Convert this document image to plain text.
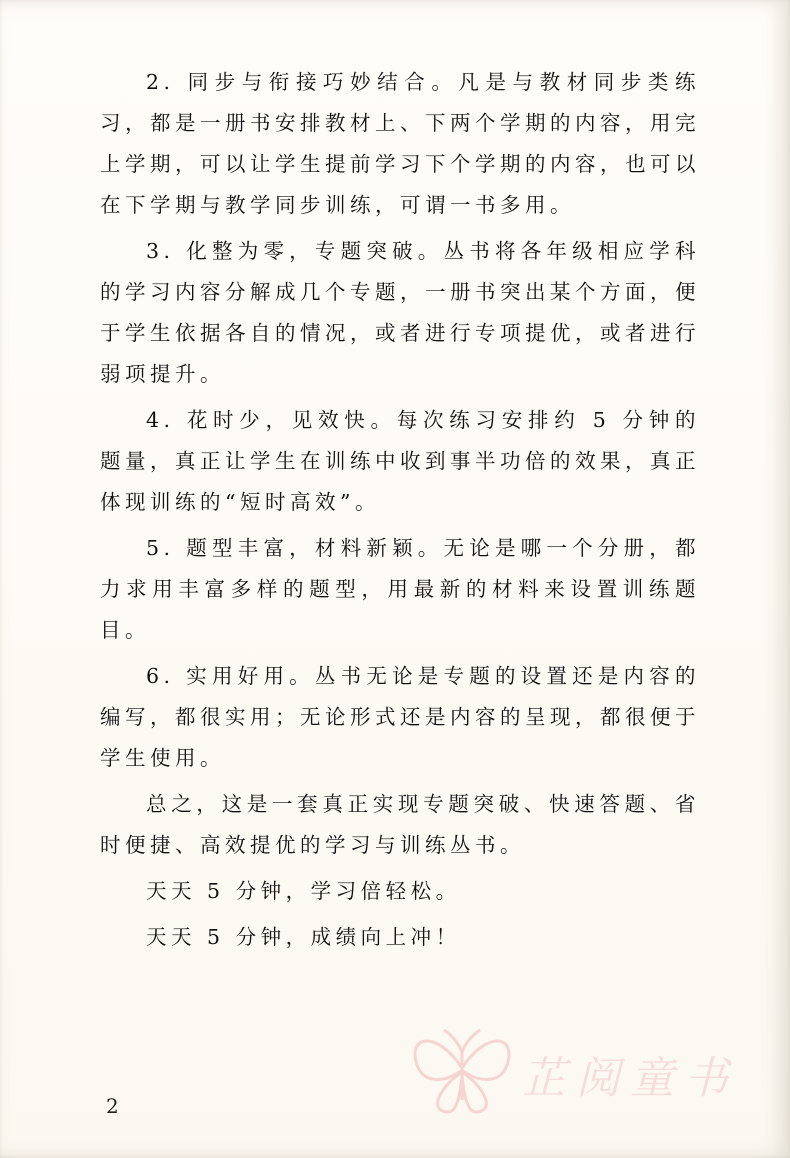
2. 同步与衔接巧妙结合。凡是与教材同步类练习，都是一册书安排教材上、下两个学期的内容，用完上学期，可以让学生提前学习下个学期的内容，也可以在下学期与教学同步训练，可谓一书多用。

3. 化整为零，专题突破。丛书将各年级相应学科的学习内容分解成几个专题，一册书突出某个方面，便于学生依据各自的情况，或者进行专项提优，或者进行弱项提升。

4. 花时少，见效快。每次练习安排约 5 分钟的题量，真正让学生在训练中收到事半功倍的效果，真正体现训练的“短时高效”。

5. 题型丰富，材料新颖。无论是哪一个分册，都力求用丰富多样的题型，用最新的材料来设置训练题目。

6. 实用好用。丛书无论是专题的设置还是内容的编写，都很实用；无论形式还是内容的呈现，都很便于学生使用。

总之，这是一套真正实现专题突破、快速答题、省时便捷、高效提优的学习与训练丛书。

天天 5 分钟，学习倍轻松。

天天 5 分钟，成绩向上冲！

2
芷阅童书
